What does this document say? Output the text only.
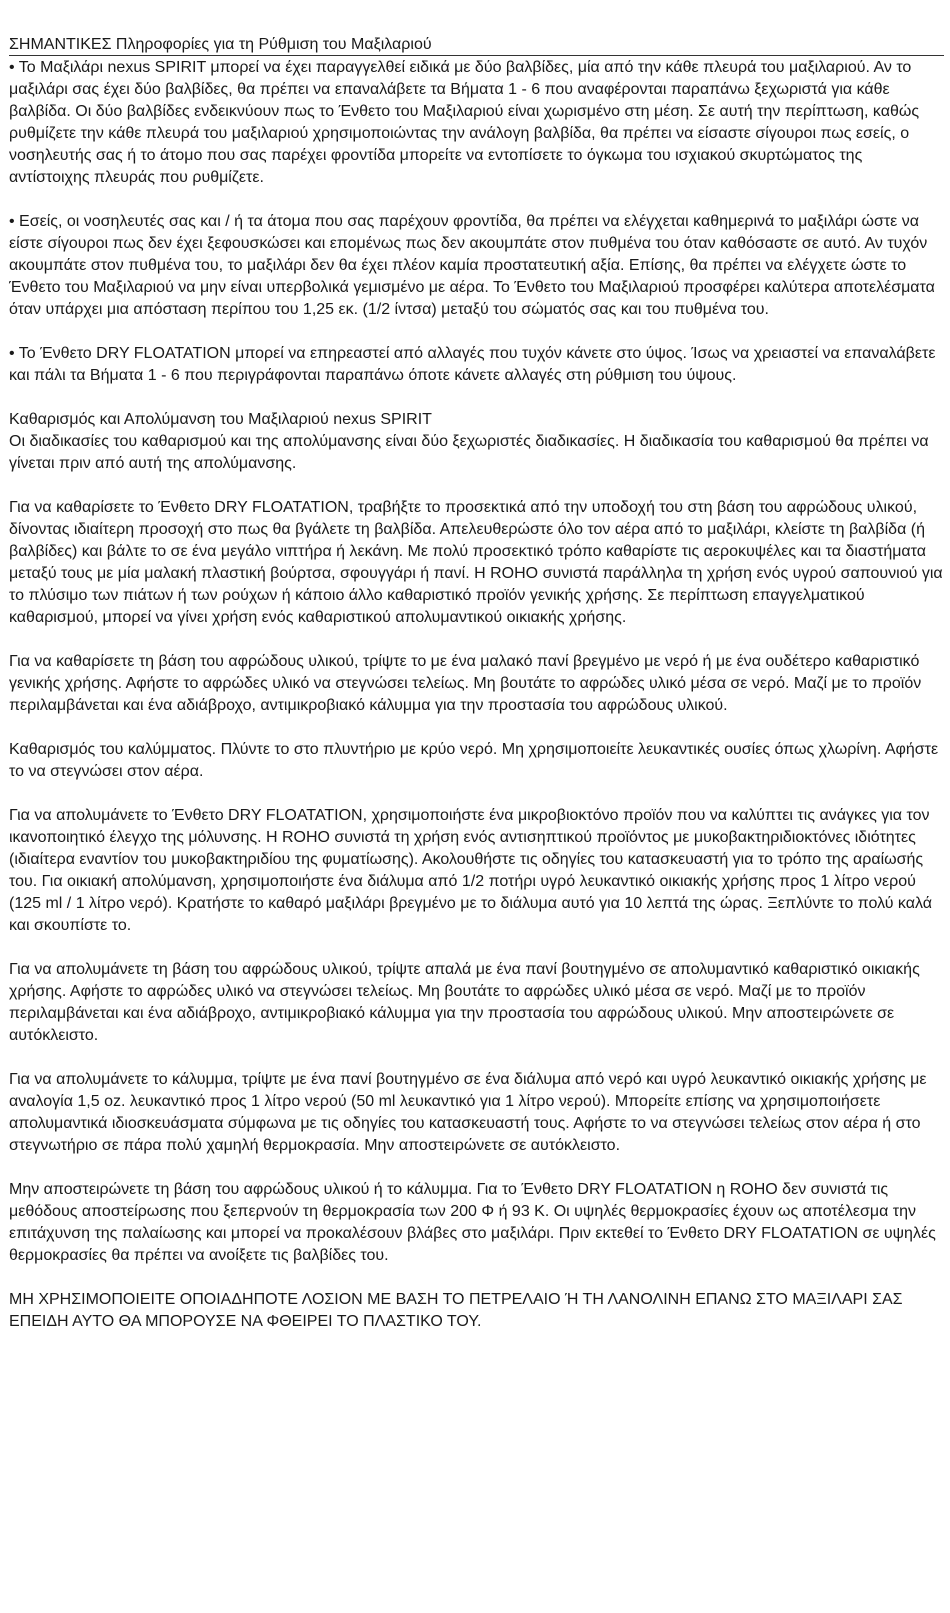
ΣΗΜΑΝΤΙΚΕΣ Πληροφορίες για τη Ρύθμιση του Μαξιλαριού
• Το Μαξιλάρι nexus SPIRIT μπορεί να έχει παραγγελθεί ειδικά με δύο βαλβίδες, μία από την κάθε πλευρά του μαξιλαριού. Αν το μαξιλάρι σας έχει δύο βαλβίδες, θα πρέπει να επαναλάβετε τα Βήματα 1 - 6 που αναφέρονται παραπάνω ξεχωριστά για κάθε βαλβίδα. Οι δύο βαλβίδες ενδεικνύουν πως το Ένθετο του Μαξιλαριού είναι χωρισμένο στη μέση. Σε αυτή την περίπτωση, καθώς ρυθμίζετε την κάθε πλευρά του μαξιλαριού χρησιμοποιώντας την ανάλογη βαλβίδα, θα πρέπει να είσαστε σίγουροι πως εσείς, ο νοσηλευτής σας ή το άτομο που σας παρέχει φροντίδα μπορείτε να εντοπίσετε το όγκωμα του ισχιακού σκυρτώματος της αντίστοιχης πλευράς που ρυθμίζετε.
• Εσείς, οι νοσηλευτές σας και / ή τα άτομα που σας παρέχουν φροντίδα, θα πρέπει να ελέγχεται καθημερινά το μαξιλάρι ώστε να είστε σίγουροι πως δεν έχει ξεφουσκώσει και επομένως πως δεν ακουμπάτε στον πυθμένα του όταν καθόσαστε σε αυτό. Αν τυχόν ακουμπάτε στον πυθμένα του, το μαξιλάρι δεν θα έχει πλέον καμία προστατευτική αξία. Επίσης, θα πρέπει να ελέγχετε ώστε το Ένθετο του Μαξιλαριού να μην είναι υπερβολικά γεμισμένο με αέρα. Το Ένθετο του Μαξιλαριού προσφέρει καλύτερα αποτελέσματα όταν υπάρχει μια απόσταση περίπου του 1,25 εκ. (1/2 ίντσα) μεταξύ του σώματός σας και του πυθμένα του.
• Το Ένθετο DRY FLOATATION μπορεί να επηρεαστεί από αλλαγές που τυχόν κάνετε στο ύψος. Ίσως να χρειαστεί να επαναλάβετε και πάλι τα Βήματα 1 - 6 που περιγράφονται παραπάνω όποτε κάνετε αλλαγές στη ρύθμιση του ύψους.
Καθαρισμός και Απολύμανση του Μαξιλαριού nexus SPIRIT
Οι διαδικασίες του καθαρισμού και της απολύμανσης είναι δύο ξεχωριστές διαδικασίες. Η διαδικασία του καθαρισμού θα πρέπει να γίνεται πριν από αυτή της απολύμανσης.
Για να καθαρίσετε το Ένθετο DRY FLOATATION, τραβήξτε το προσεκτικά από την υποδοχή του στη βάση του αφρώδους υλικού, δίνοντας ιδιαίτερη προσοχή στο πως θα βγάλετε τη βαλβίδα. Απελευθερώστε όλο τον αέρα από το μαξιλάρι, κλείστε τη βαλβίδα (ή βαλβίδες) και βάλτε το σε ένα μεγάλο νιπτήρα ή λεκάνη. Με πολύ προσεκτικό τρόπο καθαρίστε τις αεροκυψέλες και τα διαστήματα μεταξύ τους με μία μαλακή πλαστική βούρτσα, σφουγγάρι ή πανί. Η ROHO συνιστά παράλληλα τη χρήση ενός υγρού σαπουνιού για το πλύσιμο των πιάτων ή των ρούχων ή κάποιο άλλο καθαριστικό προϊόν γενικής χρήσης. Σε περίπτωση επαγγελματικού καθαρισμού, μπορεί να γίνει χρήση ενός καθαριστικού απολυμαντικού οικιακής χρήσης.
Για να καθαρίσετε τη βάση του αφρώδους υλικού, τρίψτε το με ένα μαλακό πανί βρεγμένο με νερό ή με ένα ουδέτερο καθαριστικό γενικής χρήσης. Αφήστε το αφρώδες υλικό να στεγνώσει τελείως. Μη βουτάτε το αφρώδες υλικό μέσα σε νερό. Μαζί με το προϊόν περιλαμβάνεται και ένα αδιάβροχο, αντιμικροβιακό κάλυμμα για την προστασία του αφρώδους υλικού.
Καθαρισμός του καλύμματος. Πλύντε το στο πλυντήριο με κρύο νερό. Μη χρησιμοποιείτε λευκαντικές ουσίες όπως χλωρίνη. Αφήστε το να στεγνώσει στον αέρα.
Για να απολυμάνετε το Ένθετο DRY FLOATATION, χρησιμοποιήστε ένα μικροβιοκτόνο προϊόν που να καλύπτει τις ανάγκες για τον ικανοποιητικό έλεγχο της μόλυνσης. Η ROHO συνιστά τη χρήση ενός αντισηπτικού προϊόντος με μυκοβακτηριδιοκτόνες ιδιότητες (ιδιαίτερα εναντίον του μυκοβακτηριδίου της φυματίωσης). Ακολουθήστε τις οδηγίες του κατασκευαστή για το τρόπο της αραίωσής του. Για οικιακή απολύμανση, χρησιμοποιήστε ένα διάλυμα από 1/2 ποτήρι υγρό λευκαντικό οικιακής χρήσης προς 1 λίτρο νερού (125 ml / 1 λίτρο νερό). Κρατήστε το καθαρό μαξιλάρι βρεγμένο με το διάλυμα αυτό για 10 λεπτά της ώρας. Ξεπλύντε το πολύ καλά και σκουπίστε το.
Για να απολυμάνετε τη βάση του αφρώδους υλικού, τρίψτε απαλά με ένα πανί βουτηγμένο σε απολυμαντικό καθαριστικό οικιακής χρήσης. Αφήστε το αφρώδες υλικό να στεγνώσει τελείως. Μη βουτάτε το αφρώδες υλικό μέσα σε νερό. Μαζί με το προϊόν περιλαμβάνεται και ένα αδιάβροχο, αντιμικροβιακό κάλυμμα για την προστασία του αφρώδους υλικού. Μην αποστειρώνετε σε αυτόκλειστο.
Για να απολυμάνετε το κάλυμμα, τρίψτε με ένα πανί βουτηγμένο σε ένα διάλυμα από νερό και υγρό λευκαντικό οικιακής χρήσης με αναλογία 1,5 oz. λευκαντικό προς 1 λίτρο νερού (50 ml λευκαντικό για 1 λίτρο νερού). Μπορείτε επίσης να χρησιμοποιήσετε απολυμαντικά ιδιοσκευάσματα σύμφωνα με τις οδηγίες του κατασκευαστή τους. Αφήστε το να στεγνώσει τελείως στον αέρα ή στο στεγνωτήριο σε πάρα πολύ χαμηλή θερμοκρασία. Μην αποστειρώνετε σε αυτόκλειστο.
Μην αποστειρώνετε τη βάση του αφρώδους υλικού ή το κάλυμμα. Για το Ένθετο DRY FLOATATION η ROHO δεν συνιστά τις μεθόδους αποστείρωσης που ξεπερνούν τη θερμοκρασία των 200 Φ ή 93 Κ. Οι υψηλές θερμοκρασίες έχουν ως αποτέλεσμα την επιτάχυνση της παλαίωσης και μπορεί να προκαλέσουν βλάβες στο μαξιλάρι. Πριν εκτεθεί το Ένθετο DRY FLOATATION σε υψηλές θερμοκρασίες θα πρέπει να ανοίξετε τις βαλβίδες του.
ΜΗ ΧΡΗΣΙΜΟΠΟΙΕΙΤΕ ΟΠΟΙΑΔΗΠΟΤΕ ΛΟΣΙΟΝ ΜΕ ΒΑΣΗ ΤΟ ΠΕΤΡΕΛΑΙΟ Ή ΤΗ ΛΑΝΟΛΙΝΗ ΕΠΑΝΩ ΣΤΟ ΜΑΞΙΛΑΡΙ ΣΑΣ ΕΠΕΙΔΗ ΑΥΤΟ ΘΑ ΜΠΟΡΟΥΣΕ ΝΑ ΦΘΕΙΡΕΙ ΤΟ ΠΛΑΣΤΙΚΟ ΤΟΥ.
